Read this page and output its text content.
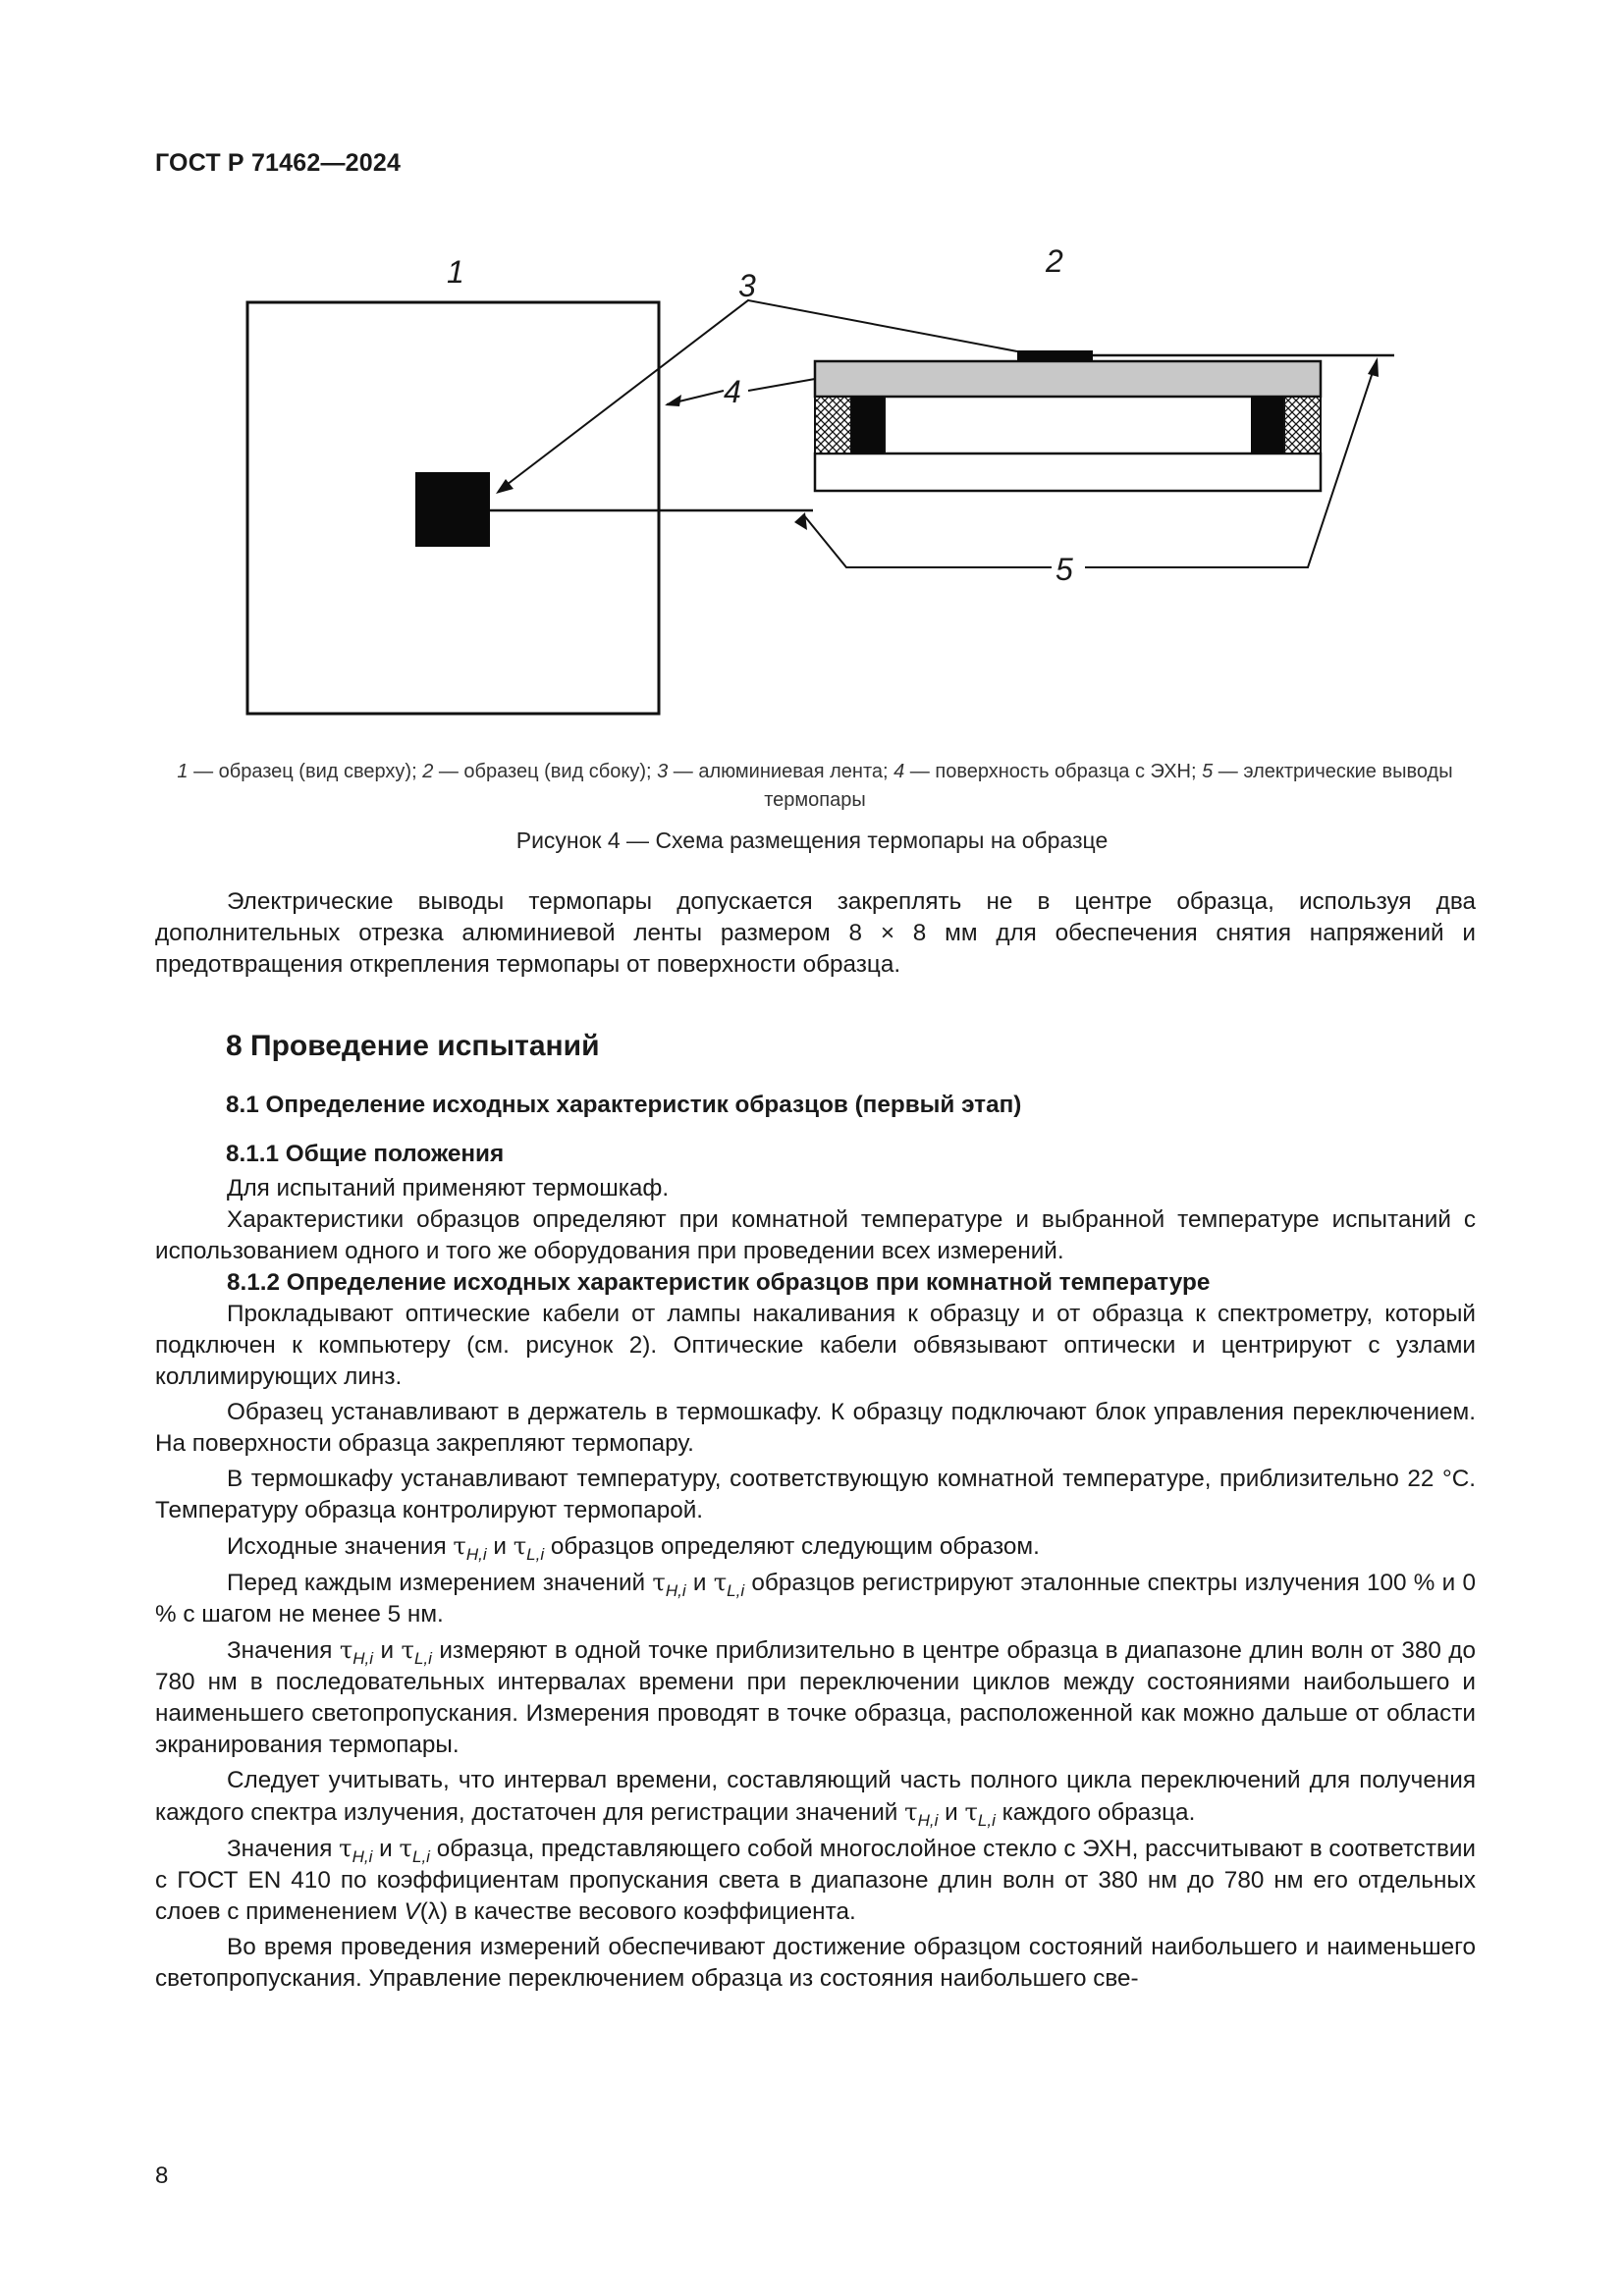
ГОСТ Р 71462—2024
1	2
3
4
5
1 — образец (вид сверху); 2 — образец (вид сбоку); 3 — алюминиевая лента; 4 — поверхность образца с ЭХН; 5 — электрические выводы термопары
Рисунок 4 — Схема размещения термопары на образце

Электрические выводы термопары допускается закреплять не в центре образца, используя два дополнительных отрезка алюминиевой ленты размером 8 × 8 мм для обеспечения снятия напряжений и предотвращения открепления термопары от поверхности образца.

8 Проведение испытаний
8.1 Определение исходных характеристик образцов (первый этап)
8.1.1 Общие положения

Для испытаний применяют термошкаф.

Характеристики образцов определяют при комнатной температуре и выбранной температуре испытаний с использованием одного и того же оборудования при проведении всех измерений.

8.1.2 Определение исходных характеристик образцов при комнатной температуре

Прокладывают оптические кабели от лампы накаливания к образцу и от образца к спектрометру, который подключен к компьютеру (см. рисунок 2). Оптические кабели обвязывают оптически и центрируют с узлами коллимирующих линз.

Образец устанавливают в держатель в термошкафу. К образцу подключают блок управления переключением. На поверхности образца закрепляют термопару.

В термошкафу устанавливают температуру, соответствующую комнатной температуре, приблизительно 22 °С. Температуру образца контролируют термопарой.

Исходные значения $\tau_{H,i}$ и $\tau_{L,i}$ образцов определяют следующим образом.

Перед каждым измерением значений $\tau_{H,i}$ и $\tau_{L,i}$ образцов регистрируют эталонные спектры излучения 100 % и 0 % с шагом не менее 5 нм.

Значения $\tau_{H,i}$ и $\tau_{L,i}$ измеряют в одной точке приблизительно в центре образца в диапазоне длин волн от 380 до 780 нм в последовательных интервалах времени при переключении циклов между состояниями наибольшего и наименьшего светопропускания. Измерения проводят в точке образца, расположенной как можно дальше от области экранирования термопары.

Следует учитывать, что интервал времени, составляющий часть полного цикла переключений для получения каждого спектра излучения, достаточен для регистрации значений $\tau_{H,i}$ и $\tau_{L,i}$ каждого образца.

Значения $\tau_{H,i}$ и $\tau_{L,i}$ образца, представляющего собой многослойное стекло с ЭХН, рассчитывают в соответствии с ГОСТ EN 410 по коэффициентам пропускания света в диапазоне длин волн от 380 нм до 780 нм его отдельных слоев с применением V(λ) в качестве весового коэффициента.

Во время проведения измерений обеспечивают достижение образцом состояний наибольшего и наименьшего светопропускания. Управление переключением образца из состояния наибольшего све-

8
